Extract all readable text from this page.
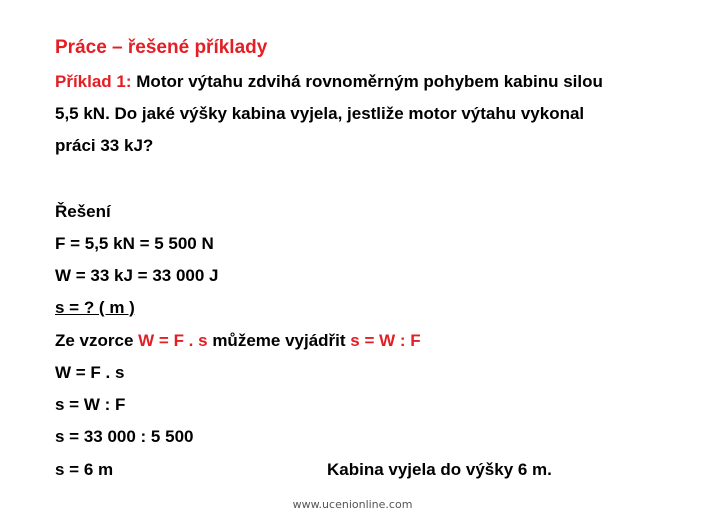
Práce – řešené příklady
Příklad 1: Motor výtahu zdvihá rovnoměrným pohybem kabinu silou
5,5 kN. Do jaké výšky kabina vyjela, jestliže motor výtahu vykonal
práci 33 kJ?
Řešení
F = 5,5 kN = 5 500 N
W = 33 kJ = 33 000 J
s = ? ( m )
Ze vzorce W = F . s můžeme vyjádřit s = W : F
W = F . s
s = W : F
s = 33 000 : 5 500
s = 6 m	Kabina vyjela do výšky 6 m.
www.ucenionline.com
